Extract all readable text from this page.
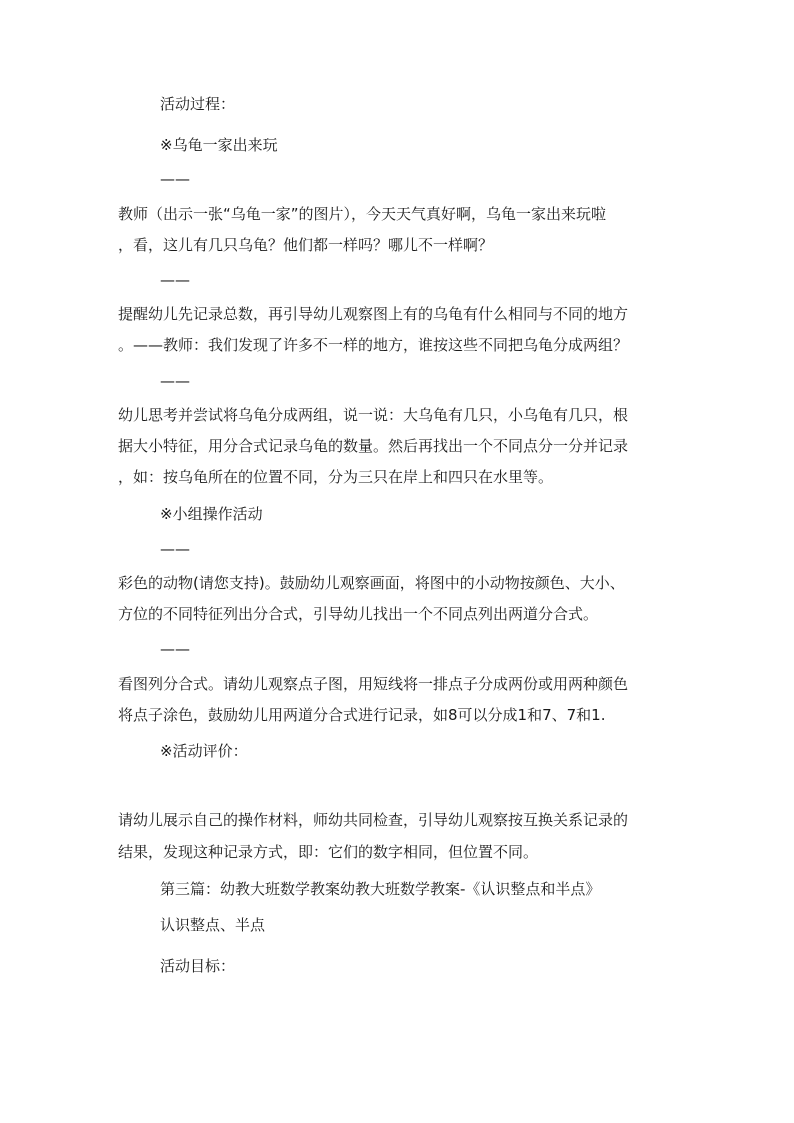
活动过程：
※乌龟一家出来玩
——
教师（出示一张“乌龟一家”的图片），今天天气真好啊，乌龟一家出来玩啦
，看，这儿有几只乌龟？他们都一样吗？哪儿不一样啊？
——
提醒幼儿先记录总数，再引导幼儿观察图上有的乌龟有什么相同与不同的地方
。——教师：我们发现了许多不一样的地方，谁按这些不同把乌龟分成两组？
——
幼儿思考并尝试将乌龟分成两组，说一说：大乌龟有几只，小乌龟有几只，根
据大小特征，用分合式记录乌龟的数量。然后再找出一个不同点分一分并记录
，如：按乌龟所在的位置不同，分为三只在岸上和四只在水里等。
※小组操作活动
——
彩色的动物(请您支持)。鼓励幼儿观察画面，将图中的小动物按颜色、大小、
方位的不同特征列出分合式，引导幼儿找出一个不同点列出两道分合式。
——
看图列分合式。请幼儿观察点子图，用短线将一排点子分成两份或用两种颜色
将点子涂色，鼓励幼儿用两道分合式进行记录，如8可以分成1和7、7和1.
※活动评价：
请幼儿展示自己的操作材料，师幼共同检查，引导幼儿观察按互换关系记录的
结果，发现这种记录方式，即：它们的数字相同，但位置不同。
第三篇：幼教大班数学教案幼教大班数学教案-《认识整点和半点》
认识整点、半点
活动目标：
